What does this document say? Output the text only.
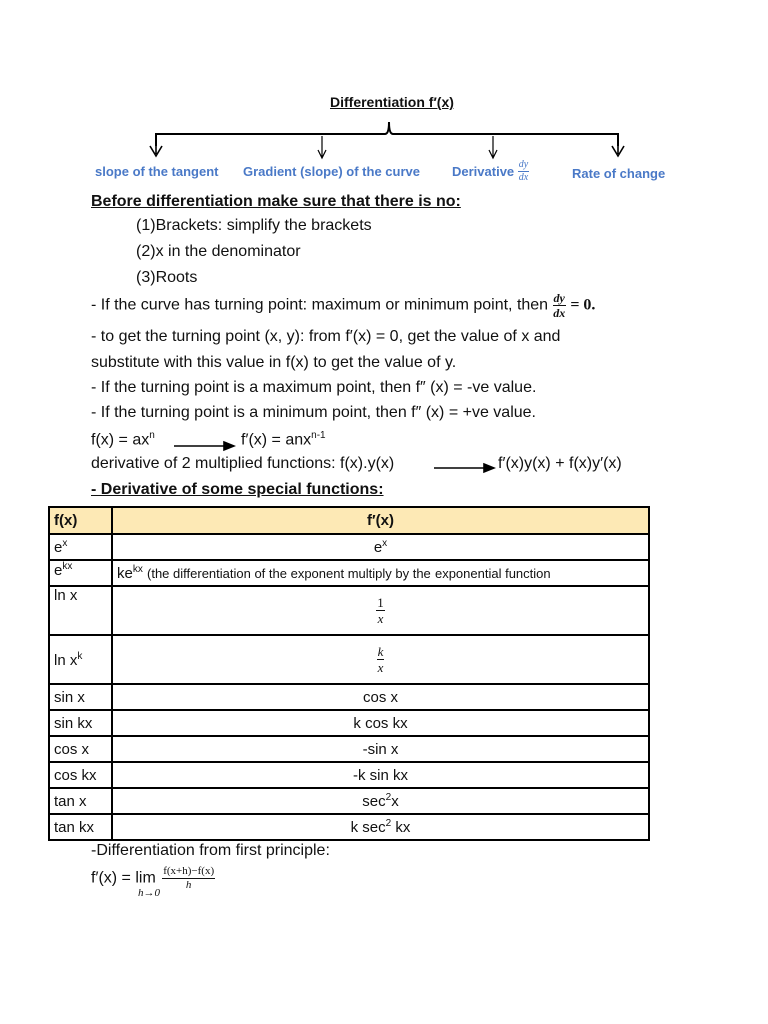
Differentiation f′(x)
slope of the tangent Gradient (slope) of the curve Derivative $\frac{dy}{dx}$	Rate of change
Before differentiation make sure that there is no:
(1)Brackets: simplify the brackets
(2)x in the denominator
(3)Roots
- If the curve has turning point: maximum or minimum point, then $\frac{dy}{dx} = 0$.
- to get the turning point (x, y): from f′(x) = 0, get the value of x and
substitute with this value in f(x) to get the value of y.
- If the turning point is a maximum point, then f″ (x) = -ve value.
- If the turning point is a minimum point, then f″ (x) = +ve value.
$f(x) = ax^n$	f′(x) = anx$^{n-1}$
derivative of 2 multiplied functions: f(x).y(x)	f′(x)y(x) + f(x)y′(x)
- Derivative of some special functions:
f(x)	f′(x)
$e^x$	$e^x$
$e^{kx}$	$ke^{kx}$ (the differentiation of the exponent multiply by the exponential function
ln x	$\frac{1}{x}$

$\ln x^k$	$\frac{k}{x}$

sin x	cos x
sin kx	k cos kx
cos x	-sin x
cos kx	-k sin kx
tan x	$\sec^2x$
tan kx	k $\sec^2$ kx
-Differentiation from first principle:
$f'(x) = \lim \frac{f(x+h)-f(x)}{h}$
h→0
